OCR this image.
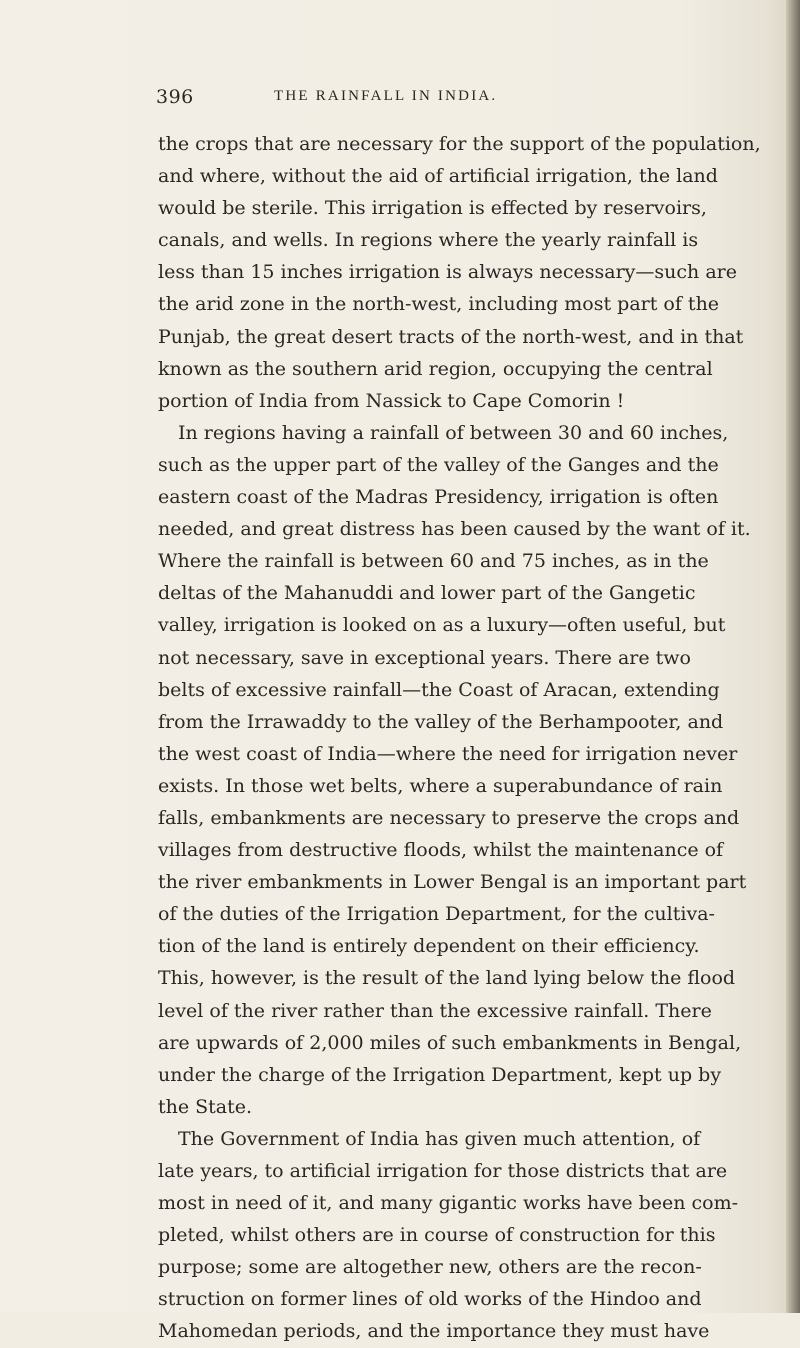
396	THE RAINFALL IN INDIA.
the crops that are necessary for the support of the population,
and where, without the aid of artificial irrigation, the land
would be sterile. This irrigation is effected by reservoirs,
canals, and wells. In regions where the yearly rainfall is
less than 15 inches irrigation is always necessary—such are
the arid zone in the north-west, including most part of the
Punjab, the great desert tracts of the north-west, and in that
known as the southern arid region, occupying the central
portion of India from Nassick to Cape Comorin !
In regions having a rainfall of between 30 and 60 inches,
such as the upper part of the valley of the Ganges and the
eastern coast of the Madras Presidency, irrigation is often
needed, and great distress has been caused by the want of it.
Where the rainfall is between 60 and 75 inches, as in the
deltas of the Mahanuddi and lower part of the Gangetic
valley, irrigation is looked on as a luxury—often useful, but
not necessary, save in exceptional years. There are two
belts of excessive rainfall—the Coast of Aracan, extending
from the Irrawaddy to the valley of the Berhampooter, and
the west coast of India—where the need for irrigation never
exists. In those wet belts, where a superabundance of rain
falls, embankments are necessary to preserve the crops and
villages from destructive floods, whilst the maintenance of
the river embankments in Lower Bengal is an important part
of the duties of the Irrigation Department, for the cultiva-
tion of the land is entirely dependent on their efficiency.
This, however, is the result of the land lying below the flood
level of the river rather than the excessive rainfall. There
are upwards of 2,000 miles of such embankments in Bengal,
under the charge of the Irrigation Department, kept up by
the State.
The Government of India has given much attention, of
late years, to artificial irrigation for those districts that are
most in need of it, and many gigantic works have been com-
pleted, whilst others are in course of construction for this
purpose; some are altogether new, others are the recon-
struction on former lines of old works of the Hindoo and
Mahomedan periods, and the importance they must have
